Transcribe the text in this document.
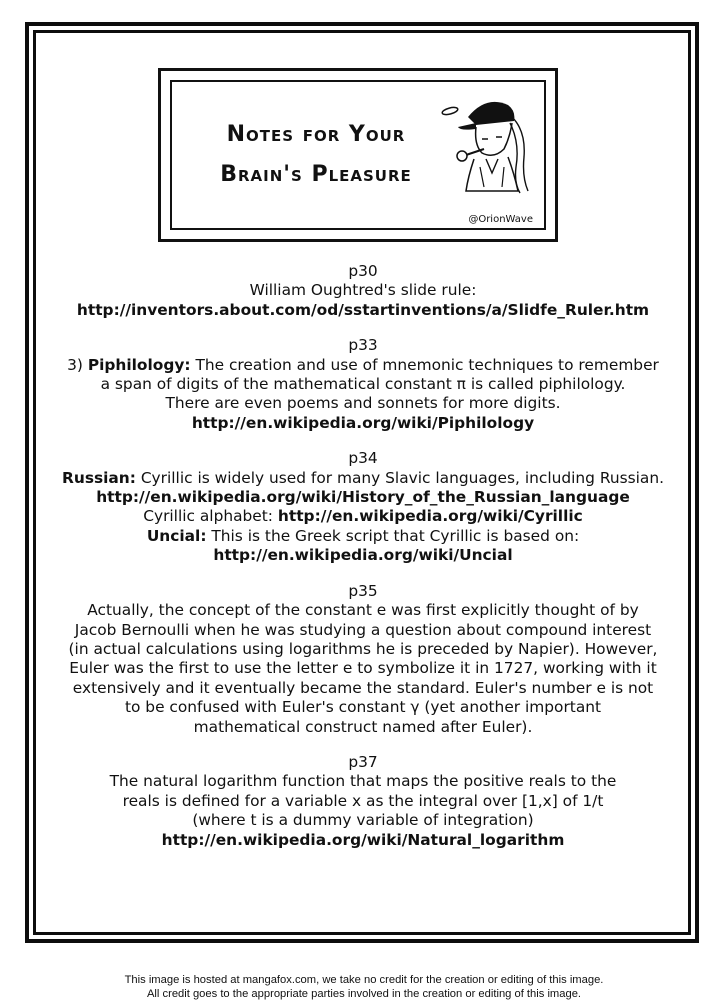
Notes for Your
Brain's Pleasure
@OrionWave
p30
William Oughtred's slide rule:
http://inventors.about.com/od/sstartinventions/a/Slidfe_Ruler.htm
p33
3) Piphilology: The creation and use of mnemonic techniques to remember
a span of digits of the mathematical constant π is called piphilology.
There are even poems and sonnets for more digits.
http://en.wikipedia.org/wiki/Piphilology
p34
Russian: Cyrillic is widely used for many Slavic languages, including Russian.
http://en.wikipedia.org/wiki/History_of_the_Russian_language
Cyrillic alphabet: http://en.wikipedia.org/wiki/Cyrillic
Uncial: This is the Greek script that Cyrillic is based on:
http://en.wikipedia.org/wiki/Uncial
p35
Actually, the concept of the constant e was first explicitly thought of by
Jacob Bernoulli when he was studying a question about compound interest
(in actual calculations using logarithms he is preceded by Napier). However,
Euler was the first to use the letter e to symbolize it in 1727, working with it
extensively and it eventually became the standard. Euler's number e is not
to be confused with Euler's constant γ (yet another important
mathematical construct named after Euler).
p37
The natural logarithm function that maps the positive reals to the
reals is defined for a variable x as the integral over [1,x] of 1/t
(where t is a dummy variable of integration)
http://en.wikipedia.org/wiki/Natural_logarithm
This image is hosted at mangafox.com, we take no credit for the creation or editing of this image.
All credit goes to the appropriate parties involved in the creation or editing of this image.
